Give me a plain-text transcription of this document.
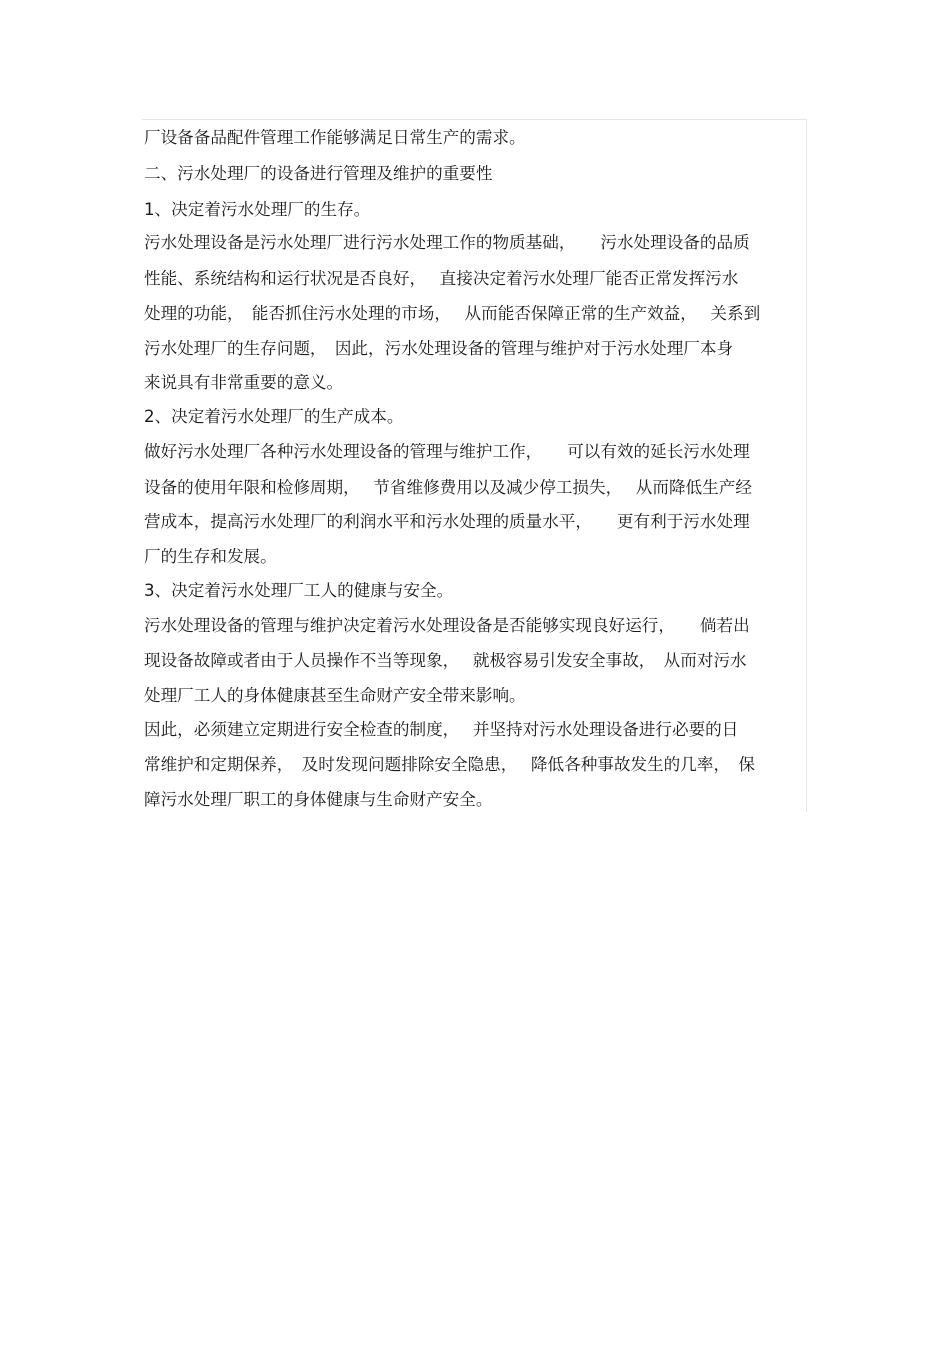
厂设备备品配件管理工作能够满足日常生产的需求。

二、污水处理厂的设备进行管理及维护的重要性

1、决定着污水处理厂的生存。

污水处理设备是污水处理厂进行污水处理工作的物质基础，　　污水处理设备的品质

性能、系统结构和运行状况是否良好，　 直接决定着污水处理厂能否正常发挥污水

处理的功能，　能否抓住污水处理的市场，　 从而能否保障正常的生产效益，　 关系到

污水处理厂的生存问题，　因此，污水处理设备的管理与维护对于污水处理厂本身

来说具有非常重要的意义。

2、决定着污水处理厂的生产成本。

做好污水处理厂各种污水处理设备的管理与维护工作，　　可以有效的延长污水处理

设备的使用年限和检修周期，　 节省维修费用以及减少停工损失，　 从而降低生产经

营成本，提高污水处理厂的利润水平和污水处理的质量水平，　　更有利于污水处理

厂的生存和发展。

3、决定着污水处理厂工人的健康与安全。

污水处理设备的管理与维护决定着污水处理设备是否能够实现良好运行，　　倘若出

现设备故障或者由于人员操作不当等现象，　 就极容易引发安全事故，　从而对污水

处理厂工人的身体健康甚至生命财产安全带来影响。

因此，必须建立定期进行安全检查的制度，　 并坚持对污水处理设备进行必要的日

常维护和定期保养，　及时发现问题排除安全隐患，　 降低各种事故发生的几率，　保

障污水处理厂职工的身体健康与生命财产安全。
